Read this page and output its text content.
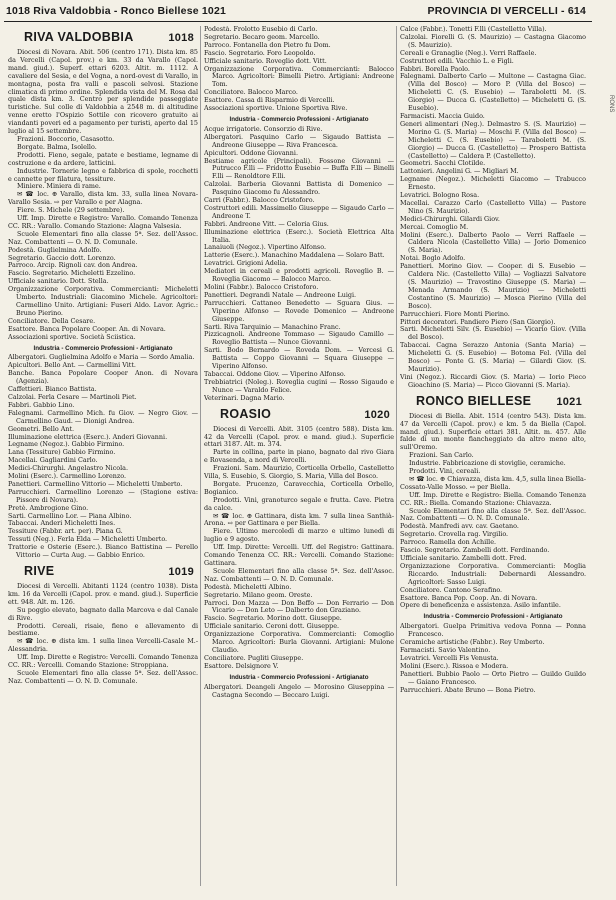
1018 Riva Valdobbia - Ronco Biellese 1021	PROVINCIA DI VERCELLI - 614
RONS
RIVA VALDOBBIA	1018
Diocesi di Novara. Abit. 506 (centro 171). Dista km. 85 da Vercelli (Capol. prov.) e km. 33 da Varallo (Capol. mand. giud.). Superf. ettari 6203. Altit. m. 1112. A cavaliere del Sesia, e del Vogna, a nord-ovest di Varallo, in montagna, posta fra valli e pascoli selvosi. Stazione climatica di primo ordine. Splendida vista del M. Rosa dal quale dista km. 3. Centro per splendide passeggiate turistiche. Sul colle di Valdobbia a 2548 m. di altitudine venne eretto l'Ospizio Sottile con ricovero gratuito ai viandanti poveri ed a pagamento per turisti, aperto dal 15 luglio al 15 settembre.
Frazioni. Boccorio, Casasotto.
Borgate. Balma, Isolello.
Prodotti. Fieno, segale, patate e bestiame, legname di costruzione e da ardere, latticini.
Industrie. Tornerie legno e fabbrica di spole, rocchetti e cannette per filatura, tessiture.
Miniere. Miniera di rame.
✉ ☎ loc. ⊕ Varallo, dista km. 33, sulla linea Novara-Varallo Sesia. ⇨ per Varallo e per Alagna.
Fiere. S. Michele (29 settembre).
Uff. Imp. Dirette e Registro: Varallo. Comando Tenenza CC. RR.: Varallo. Comando Stazione: Alagna Valsesia.
Scuole Elementari fino alla classe 5ª. Sez. dell'Assoc. Naz. Combattenti — O. N. D. Comunale.
Podestà. Guglielmina Adolfo.
Segretario. Gaccio dott. Lorenzo.
Parroco. Arcip. Rignoli cav. don Andrea.
Fascio. Segretario. Micheletti Ezzelino.
Ufficiale sanitario. Dott. Stella.
Organizzazione Corporativa. Commercianti: Micheletti Umberto. Industriali: Giacomino Michele. Agricoltori: Carmellino Unito. Artigiani: Fuseri Aldo. Lavor. Agric.: Bruno Pierino.
Conciliatore. Della Cesare.
Esattore. Banca Popolare Cooper. An. di Novara.
Associazioni sportive. Società Sciistica.
Industria - Commercio Professioni - Artigianato
Albergatori. Guglielmina Adolfo e Maria — Sordo Amalia.
Apicultori. Bello Ant. — Carmellini Vitt.
Banche. Banca Popolare Cooper Anon. di Novara (Agenzia).
Caffettieri. Bianco Battista.
Calzolai. Ferla Cesare — Martinoli Piet.
Fabbri. Gabbio Lino.
Falegnami. Carmellino Mich. fu Giov. — Negro Giov. — Carmellino Gaud. — Dionigi Andrea.
Geometri. Bello Ant.
Illuminazione elettrica (Eserc.). Anderi Giovanni.
Legname (Negoz.). Gabbio Firmino.
Lana (Tessiture) Gabbio Firmino.
Macellai. Gagliardini Carlo.
Medici-Chirurghi. Angelastro Nicola.
Molini (Eserc.). Carmellino Lorenzo.
Panettieri. Carmellino Vittorio — Micheletti Umberto.
Parrucchieri. Carmellino Lorenzo — (Stagione estiva: Pissore di Novara).
Pretè. Ambrogione Gino.
Sarti. Carmellino Lor. — Piana Albino.
Tabaccai. Anderi Micheletti Ines.
Tessiture (Fabbr. art. per). Piana G.
Tessuti (Neg.). Ferla Elda — Micheletti Umberto.
Trattorie e Osterie (Eserc.). Bianco Battistina — Perello Vittorio — Curta Aug. — Gabbio Enrico.
RIVE	1019
Diocesi di Vercelli. Abitanti 1124 (centro 1038). Dista km. 16 da Vercelli (Capol. prov. e mand. giud.). Superficie ett. 948. Alt. m. 126.
Su poggio elevato, bagnato dalla Marcova e dal Canale di Rive.
Prodotti. Cereali, risaie, fieno e allevamento di bestiame.
✉ ☎ loc. ⊕ dista km. 1 sulla linea Vercelli-Casale M.-Alessandria.
Uff. Imp. Dirette e Registro: Vercelli. Comando Tenenza CC. RR.: Vercelli. Comando Stazione: Stroppiana.
Scuole Elementari fino alla classe 5ª. Sez. dell'Assoc. Naz. Combattenti — O. N. D. Comunale.
Podestà. Frolotto Eusebio di Carlo.
Segretario. Becaro geom. Marcello.
Parroco. Fontanella don Pietro fu Dom.
Fascio. Segretario. Foro Leopoldo.
Ufficiale sanitario. Roveglio dott. Vitt.
Organizzazione Corporativa. Commercianti: Balocco Marco. Agricoltori: Bimelli Pietro. Artigiani: Andreone Tom.
Conciliatore. Balocco Marco.
Esattore. Cassa di Risparmio di Vercelli.
Associazioni sportive. Unione Sportiva Rive.
Industria - Commercio Professioni - Artigianato
Acque irrigatorie. Consorzio di Rive.
Albergatori. Pasquino Carlo — Sigaudo Battista — Andreone Giuseppe — Riva Francesca.
Apicultori. Oddone Giovanni.
Bestiame agricole (Principali). Fossone Giovanni — Putrucco F.lli — Fridotto Eusebio — Buffa F.lli — Binelli F.lli — Renoldtore F.lli.
Calzolai. Barberia Giovanni Battista di Domenico — Pasquino Giacomo fu Alessandro.
Carri (Fabbr.). Balocco Cristoforo.
Costruttori edili. Massimello Giuseppe — Sigaudo Carlo — Andreone T.
Fabbri. Andreone Vitt. — Celoria Gius.
Illuminazione elettrica (Eserc.). Società Elettrica Alta Italia.
Lanaiuoli (Negoz.). Vipertino Alfonso.
Latterie (Eserc.). Manachino Maddalena — Solaro Batt.
Levatrici. Grigioni Adelia.
Mediatori in cereali e prodotti agricoli. Roveglio B. — Roveglia Giacomo — Balocco Marco.
Molini (Fabbr.). Balocco Cristoforo.
Panettieri. Degrandi Natale — Andreone Luigi.
Parrucchieri. Cattaneo Benedetto — Sguara Gius. — Viperino Alfonso — Rovede Domenico — Andreone Giuseppe.
Sarti. Riva Tarquinio — Manachino Franc.
Pizzicagnoli. Andreone Tommaso — Sigaudo Camillo — Roveglio Battista — Nunce Giovanni.
Sarti. Bodo Bernardo — Roveda Dom. — Vercesi G. Battista — Coppo Giovanni — Squara Giuseppe — Viperino Alfonso.
Tabaccai. Oddone Giov. — Viperino Alfonso.
Trebbiatrici (Noleg.). Roveglia cugini — Rosso Sigaudo e Nunce — Varaldo Felice.
Veterinari. Dagna Mario.
ROASIO	1020
Diocesi di Vercelli. Abit. 3105 (centro 588). Dista km. 42 da Vercelli (Capol. prov. e mand. giud.). Superficie ettari 3187. Alt. m. 374.
Parte in collina, parte in piano, bagnato dal rivo Giara e Rovasenda, a nord di Vercelli.
Frazioni. Sam. Maurizio, Corticella Orbello, Castelletto Villa, S. Eusebio, S. Giorgio, S. Maria, Villa del Bosco.
Borgate. Prucenzo, Caravecchia, Corticella Orbello, Bogianico.
Prodotti. Vini, granoturco segale e frutta. Cave. Pietra da calce.
✉ ☎ loc. ⊕ Gattinara, dista km. 7 sulla linea Santhià-Arona. ⇨ per Gattinara e per Biella.
Fiere. Ultimo mercoledì di marzo e ultimo lunedì di luglio e 9 agosto.
Uff. Imp. Dirette: Vercelli. Uff. del Registro: Gattinara. Comando Tenenza CC. RR.: Vercelli. Comando Stazione: Gattinara.
Scuole Elementari fino alla classe 5ª. Sez. dell'Assoc. Naz. Combattenti — O. N. D. Comunale.
Podestà. Micheletti Albino.
Segretario. Milano geom. Oreste.
Parroci. Don Mazza — Don Beffo — Don Ferrario — Don Vicario — Don Leto — Dalberto don Graziano.
Fascio. Segretario. Morino dott. Giuseppe.
Ufficiale sanitario. Ceroni dott. Giuseppe.
Organizzazione Corporativa. Commercianti: Comoglio Marco. Agricoltori: Burla Giovanni. Artigiani: Mulone Claudio.
Conciliatore. Pugliti Giuseppe.
Esattore. Delsignore V.
Industria - Commercio Professioni - Artigianato
Albergatori. Deangeli Angelo — Morosino Giuseppina — Castagna Secondo — Beccaro Luigi.
Calce (Fabbr.). Tonetti F.lli (Castelletto Villa).
Calzolai. Fiorelli G. (S. Maurizio) — Castagna Giacomo (S. Maurizio).
Cereali e Granaglie (Neg.). Verri Raffaele.
Costruttori edili. Vacchio L. e Figli.
Fabbri. Borella Paolo.
Falegnami. Dalberto Carlo — Multone — Castagna Giac. (Villa del Bosco) — Moro P. (Villa del Bosco) — Micheletti C. (S. Eusebio) — Taraboletti M. (S. Giorgio) — Ducca G. (Castelletto) — Micheletti G. (S. Eusebio).
Farmacisti. Maccia Guido.
Generi alimentari (Neg.). Delmastro S. (S. Maurizio) — Morino G. (S. Maria) — Moschi F. (Villa del Bosco) — Micheletti C. (S. Eusebio) — Taraboletti M. (S. Giorgio) — Ducca G. (Castelletto) — Prospero Battista (Castelletto) — Caldera P. (Castelletto).
Geometri. Sacchi Clotilde.
Lattonieri. Angelini G. — Migliari M.
Legname (Negoz.). Micheletti Giacomo — Trabucco Ernesto.
Levatrici. Bologno Rosa.
Macellai. Carazzo Carlo (Castelletto Villa) — Pastore Nino (S. Maurizio).
Medici-Chirurghi. Gilardi Giov.
Mercai. Comoglio M.
Molini (Eserc.). Dalberto Paolo — Verri Raffaele — Caldera Nicola (Castelletto Villa) — Jorio Domenico (S. Maria).
Notai. Boglo Adolfo.
Panettieri. Morino Giov. — Cooper. di S. Eusebio — Caldera Nic. (Castelletto Villa) — Vogliazzi Salvatore (S. Maurizio) — Travostino Giuseppe (S. Maria) — Menada Armando (S. Maurizio) — Micheletti Costantino (S. Maurizio) — Mosca Pierino (Villa del Bosco).
Parrucchieri. Fiore Monti Pierino.
Pittori decoratori. Pandiero Piero (San Giorgio).
Sarti. Micheletti Silv. (S. Eusebio) — Vicario Giov. (Villa del Bosco).
Tabaccai. Cagna Serazzo Antonia (Santa Maria) — Micheletti G. (S. Eusebio) — Botoma Fel. (Villa del Bosco) — Ponte G. (S. Maria) — Gilardi Giov. (S. Maurizio).
Vini (Negoz.). Riccardi Giov. (S. Maria) — Iorio Pieco Gioachino (S. Maria) — Picco Giovanni (S. Maria).
RONCO BIELLESE 1021
Diocesi di Biella. Abit. 1514 (centro 543). Dista km. 47 da Vercelli (Capol. prov.) e km. 5 da Biella (Capol. mand. giud.). Superficie ettari 381. Altit. m. 457. Alle falde di un monte fiancheggiato da altro meno alto, sull'Oremo.
Frazioni. San Carlo.
Industrie. Fabbricazione di stoviglie, ceramiche.
Prodotti. Vini, cereali.
✉ ☎ loc. ⊕ Chiavazza, dista km. 4,5, sulla linea Biella-Cossato-Valle Mosso. ⇨ per Biella.
Uff. Imp. Dirette e Registro: Biella. Comando Tenenza CC. RR.: Biella. Comando Stazione: Chiavazza.
Scuole Elementari fino alla classe 5ª. Sez. dell'Assoc. Naz. Combattenti — O. N. D. Comunale.
Podestà. Manfredi avv. cav. Gaetano.
Segretario. Crovella rag. Virgilio.
Parroco. Ramella don Achille.
Fascio. Segretario. Zambelli dott. Ferdinando.
Ufficiale sanitario. Zambelli dott. Fred.
Organizzazione Corporativa. Commercianti: Moglia Riccardo. Industriali: Debernardi Alessandro. Agricoltori: Sasso Luigi.
Conciliatore. Cantono Serafino.
Esattore. Banca Pop. Coop. An. di Novara.
Opere di beneficenza e assistenza. Asilo infantile.
Industria - Commercio Professioni - Artigianato
Albergatori. Guelpa Primitiva vedova Ponna — Ponna Francesco.
Ceramiche artistiche (Fabbr.). Rey Umberto.
Farmacisti. Savio Valentino.
Levatrici. Vercelli Fis Venusta.
Molini (Eserc.). Rissoa e Modera.
Panettieri. Bubbio Paolo — Orto Pietro — Guildo Guildo — Gaiano Francesco.
Parrucchieri. Abate Bruno — Bona Pietro.
